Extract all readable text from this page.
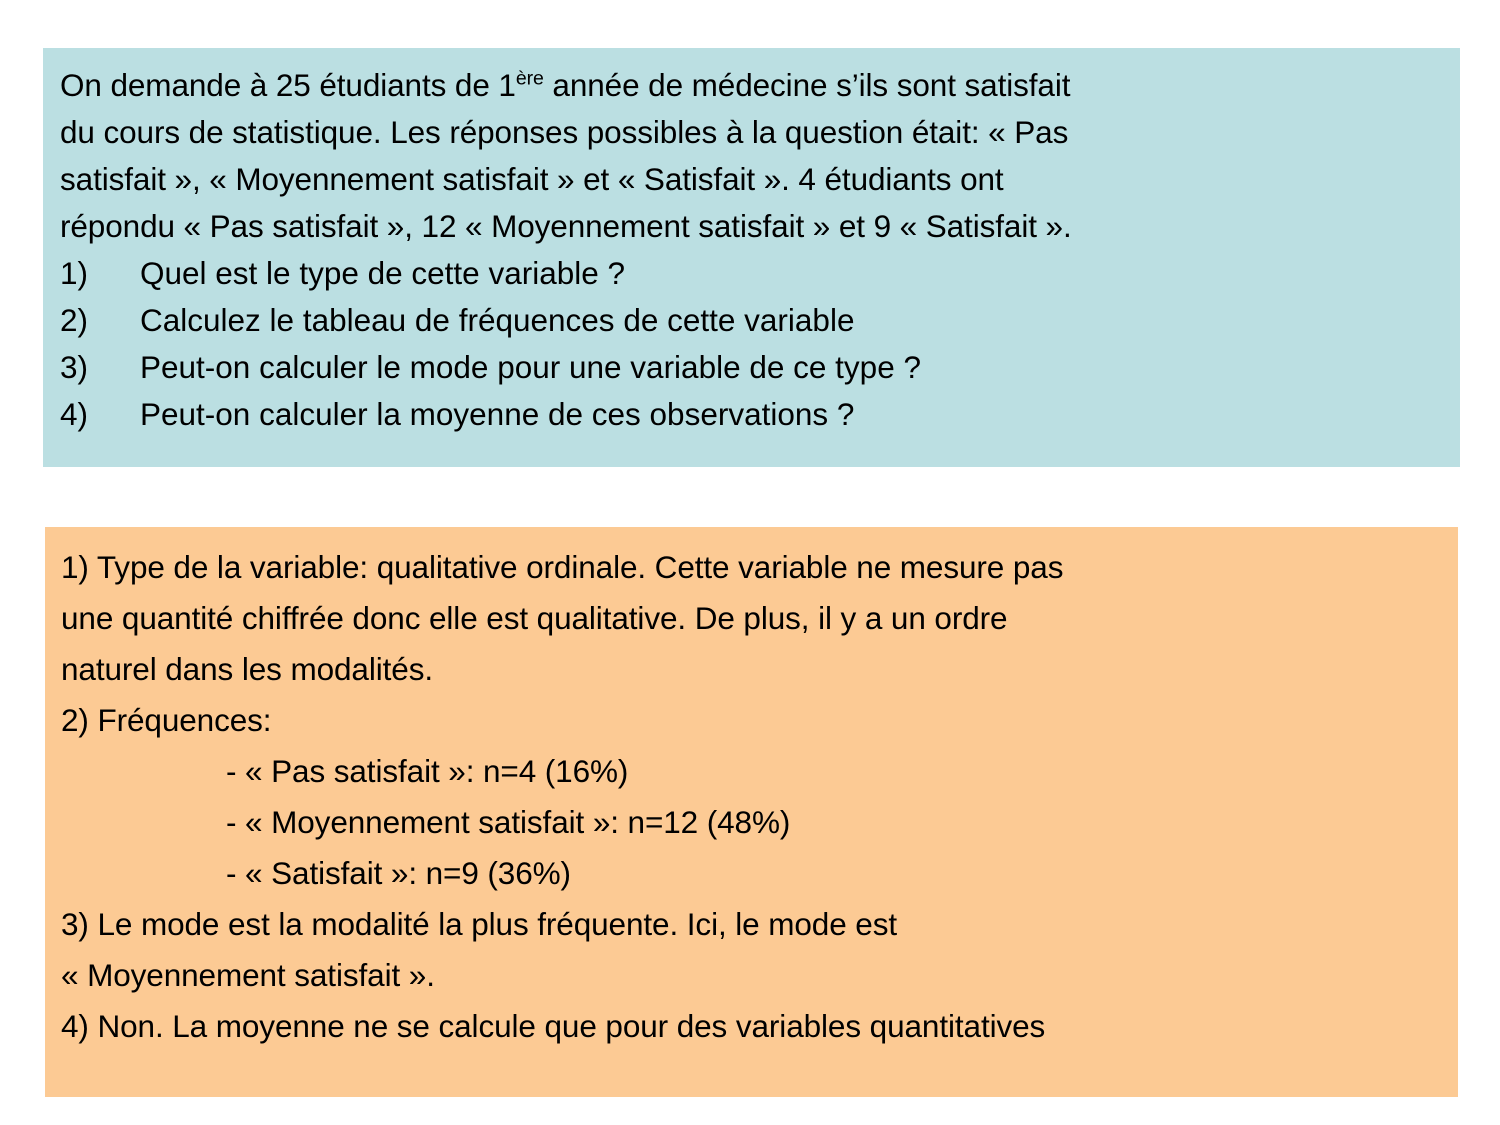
On demande à 25 étudiants de 1ère année de médecine s’ils sont satisfait
du cours de statistique. Les réponses possibles à la question était: « Pas
satisfait », « Moyennement satisfait » et « Satisfait ». 4 étudiants ont
répondu « Pas satisfait », 12 « Moyennement satisfait » et 9 « Satisfait ».
1)	Quel est le type de cette variable ?
2)	Calculez le tableau de fréquences de cette variable
3)	Peut-on calculer le mode pour une variable de ce type ?
4)	Peut-on calculer la moyenne de ces observations ?
1) Type de la variable: qualitative ordinale. Cette variable ne mesure pas
une quantité chiffrée donc elle est qualitative. De plus, il y a un ordre
naturel dans les modalités.
2) Fréquences:
- « Pas satisfait »: n=4 (16%)
- « Moyennement satisfait »: n=12 (48%)
- « Satisfait »: n=9 (36%)
3) Le mode est la modalité la plus fréquente. Ici, le mode est
« Moyennement satisfait ».
4) Non. La moyenne ne se calcule que pour des variables quantitatives
